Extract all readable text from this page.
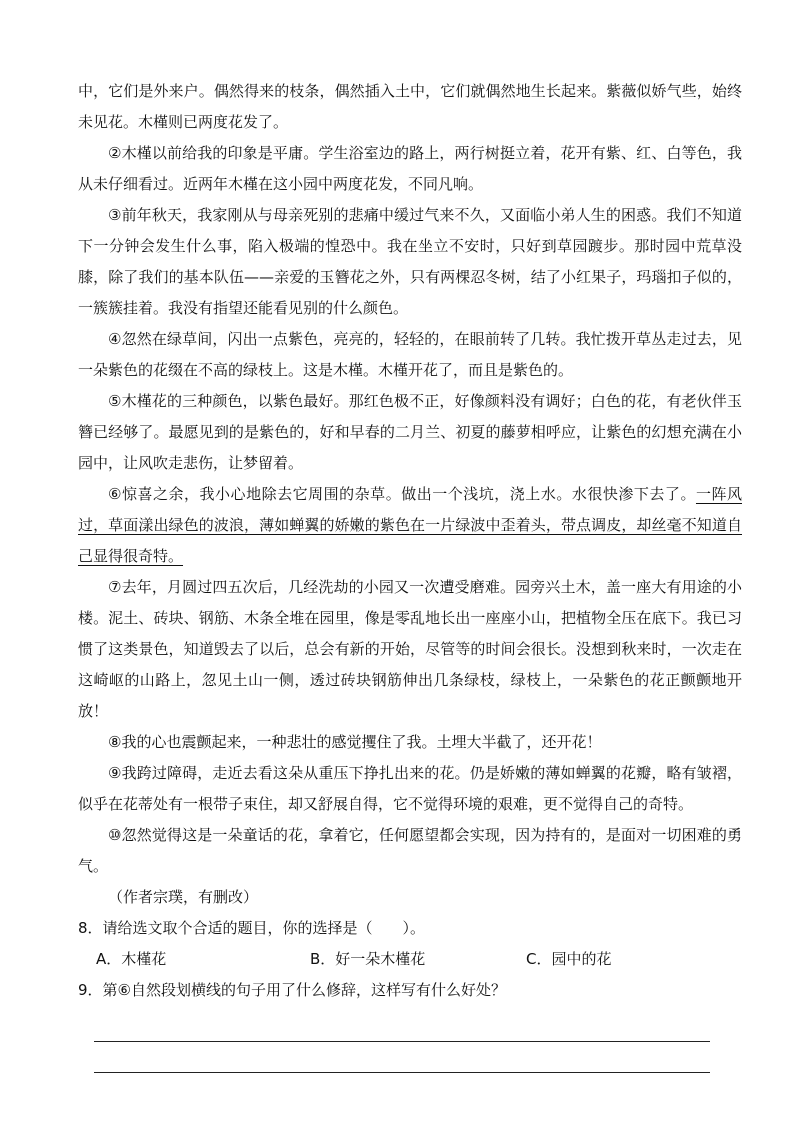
中，它们是外来户。偶然得来的枝条，偶然插入土中，它们就偶然地生长起来。紫薇似娇气些，始终未见花。木槿则已两度花发了。

②木槿以前给我的印象是平庸。学生浴室边的路上，两行树挺立着，花开有紫、红、白等色，我从未仔细看过。近两年木槿在这小园中两度花发，不同凡响。

③前年秋天，我家刚从与母亲死别的悲痛中缓过气来不久，又面临小弟人生的困惑。我们不知道下一分钟会发生什么事，陷入极端的惶恐中。我在坐立不安时，只好到草园踱步。那时园中荒草没膝，除了我们的基本队伍——亲爱的玉簪花之外，只有两棵忍冬树，结了小红果子，玛瑙扣子似的，一簇簇挂着。我没有指望还能看见别的什么颜色。

④忽然在绿草间，闪出一点紫色，亮亮的，轻轻的，在眼前转了几转。我忙拨开草丛走过去，见一朵紫色的花缀在不高的绿枝上。这是木槿。木槿开花了，而且是紫色的。

⑤木槿花的三种颜色，以紫色最好。那红色极不正，好像颜料没有调好；白色的花，有老伙伴玉簪已经够了。最愿见到的是紫色的，好和早春的二月兰、初夏的藤萝相呼应，让紫色的幻想充满在小园中，让风吹走悲伤，让梦留着。

⑥惊喜之余，我小心地除去它周围的杂草。做出一个浅坑，浇上水。水很快渗下去了。一阵风过，草面漾出绿色的波浪，薄如蝉翼的娇嫩的紫色在一片绿波中歪着头，带点调皮，却丝毫不知道自己显得很奇特。

⑦去年，月圆过四五次后，几经洗劫的小园又一次遭受磨难。园旁兴土木，盖一座大有用途的小楼。泥土、砖块、钢筋、木条全堆在园里，像是零乱地长出一座座小山，把植物全压在底下。我已习惯了这类景色，知道毁去了以后，总会有新的开始，尽管等的时间会很长。没想到秋来时，一次走在这崎岖的山路上，忽见土山一侧，透过砖块钢筋伸出几条绿枝，绿枝上，一朵紫色的花正颤颤地开放！

⑧我的心也震颤起来，一种悲壮的感觉攫住了我。土埋大半截了，还开花！

⑨我跨过障碍，走近去看这朵从重压下挣扎出来的花。仍是娇嫩的薄如蝉翼的花瓣，略有皱褶，似乎在花蒂处有一根带子束住，却又舒展自得，它不觉得环境的艰难，更不觉得自己的奇特。

⑩忽然觉得这是一朵童话的花，拿着它，任何愿望都会实现，因为持有的，是面对一切困难的勇气。

（作者宗璞，有删改）

8．请给选文取个合适的题目，你的选择是（　　）。

A．木槿花	B．好一朵木槿花	C．园中的花

9．第⑥自然段划横线的句子用了什么修辞，这样写有什么好处？
